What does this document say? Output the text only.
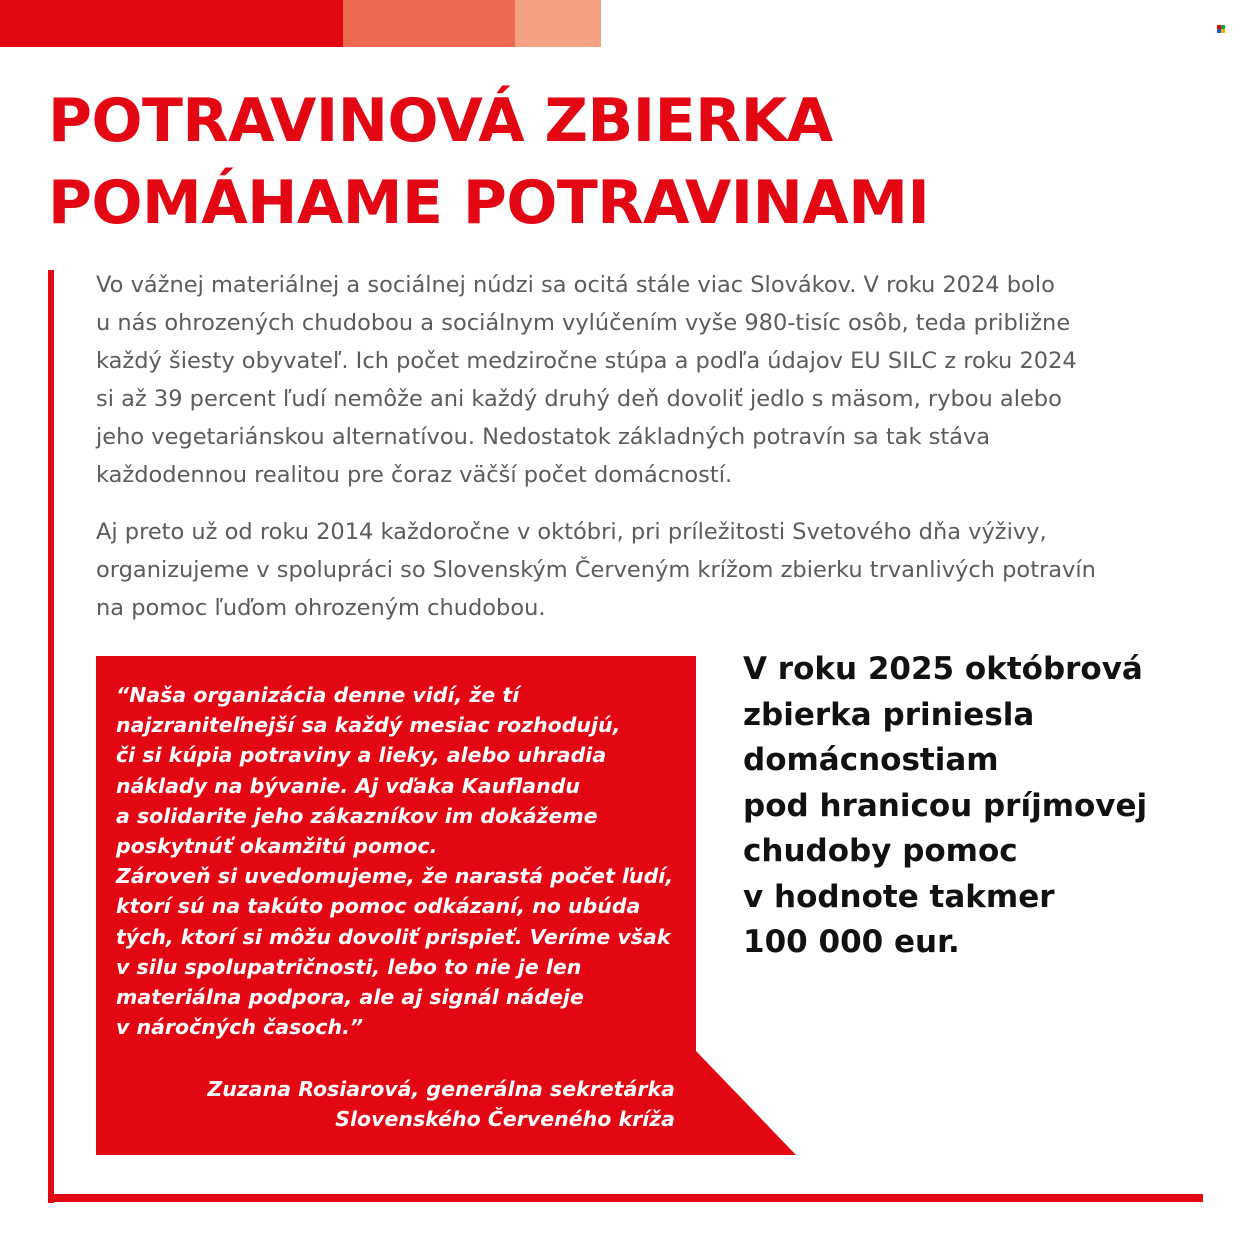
POTRAVINOVÁ ZBIERKA
POMÁHAME POTRAVINAMI

Vo vážnej materiálnej a sociálnej núdzi sa ocitá stále viac Slovákov. V roku 2024 bolo
u nás ohrozených chudobou a sociálnym vylúčením vyše 980-tisíc osôb, teda približne
každý šiesty obyvateľ. Ich počet medziročne stúpa a podľa údajov EU SILC z roku 2024
si až 39 percent ľudí nemôže ani každý druhý deň dovoliť jedlo s mäsom, rybou alebo
jeho vegetariánskou alternatívou. Nedostatok základných potravín sa tak stáva
každodennou realitou pre čoraz väčší počet domácností.

Aj preto už od roku 2014 každoročne v októbri, pri príležitosti Svetového dňa výživy,
organizujeme v spolupráci so Slovenským Červeným krížom zbierku trvanlivých potravín
na pomoc ľuďom ohrozeným chudobou.

“Naša organizácia denne vidí, že tí
najzraniteľnejší sa každý mesiac rozhodujú,
či si kúpia potraviny a lieky, alebo uhradia
náklady na bývanie. Aj vďaka Kauflandu
a solidarite jeho zákazníkov im dokážeme
poskytnúť okamžitú pomoc.
Zároveň si uvedomujeme, že narastá počet ľudí,
ktorí sú na takúto pomoc odkázaní, no ubúda
tých, ktorí si môžu dovoliť prispieť. Veríme však
v silu spolupatričnosti, lebo to nie je len
materiálna podpora, ale aj signál nádeje
v náročných časoch.”

Zuzana Rosiarová, generálna sekretárka
Slovenského Červeného kríža

V roku 2025 októbrová
zbierka priniesla
domácnostiam
pod hranicou príjmovej
chudoby pomoc
v hodnote takmer
100 000 eur.
